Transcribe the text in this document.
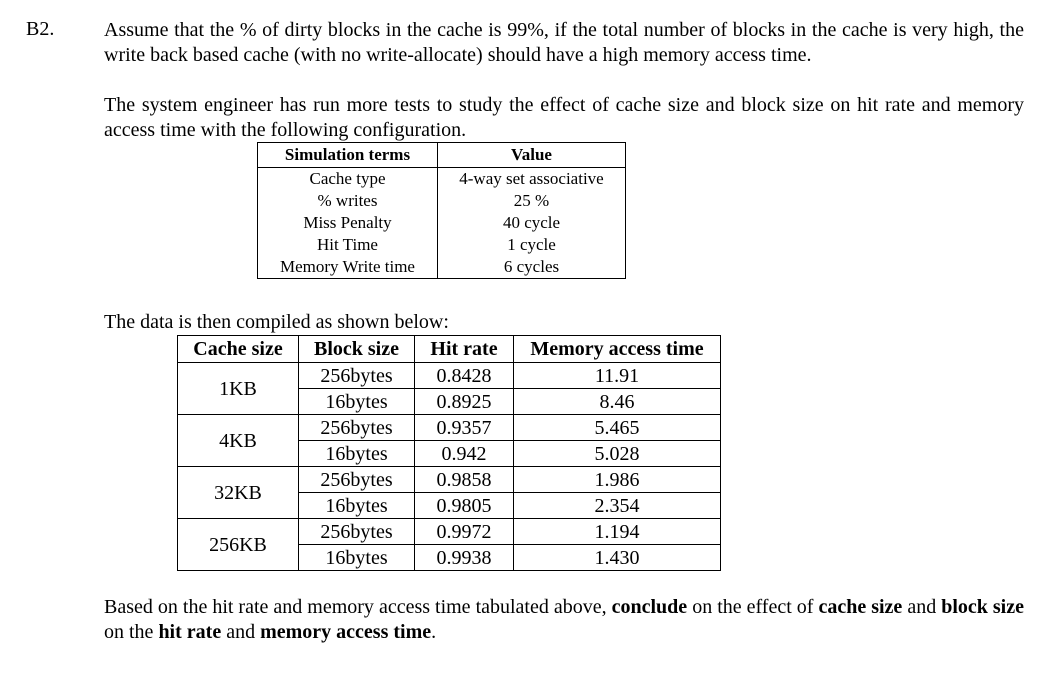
B2. Assume that the % of dirty blocks in the cache is 99%, if the total number of blocks in the cache is very high, the write back based cache (with no write-allocate) should have a high memory access time.
The system engineer has run more tests to study the effect of cache size and block size on hit rate and memory access time with the following configuration.
Simulation terms	Value
Cache type	4-way set associative
% writes	25 %
Miss Penalty	40 cycle
Hit Time	1 cycle
Memory Write time	6 cycles
The data is then compiled as shown below:
Cache size	Block size	Hit rate	Memory access time
1KB	256bytes	0.8428	11.91
	16bytes	0.8925	8.46
4KB	256bytes	0.9357	5.465
	16bytes	0.942	5.028
32KB	256bytes	0.9858	1.986
	16bytes	0.9805	2.354
256KB	256bytes	0.9972	1.194
	16bytes	0.9938	1.430
Based on the hit rate and memory access time tabulated above, conclude on the effect of cache size and block size on the hit rate and memory access time.
